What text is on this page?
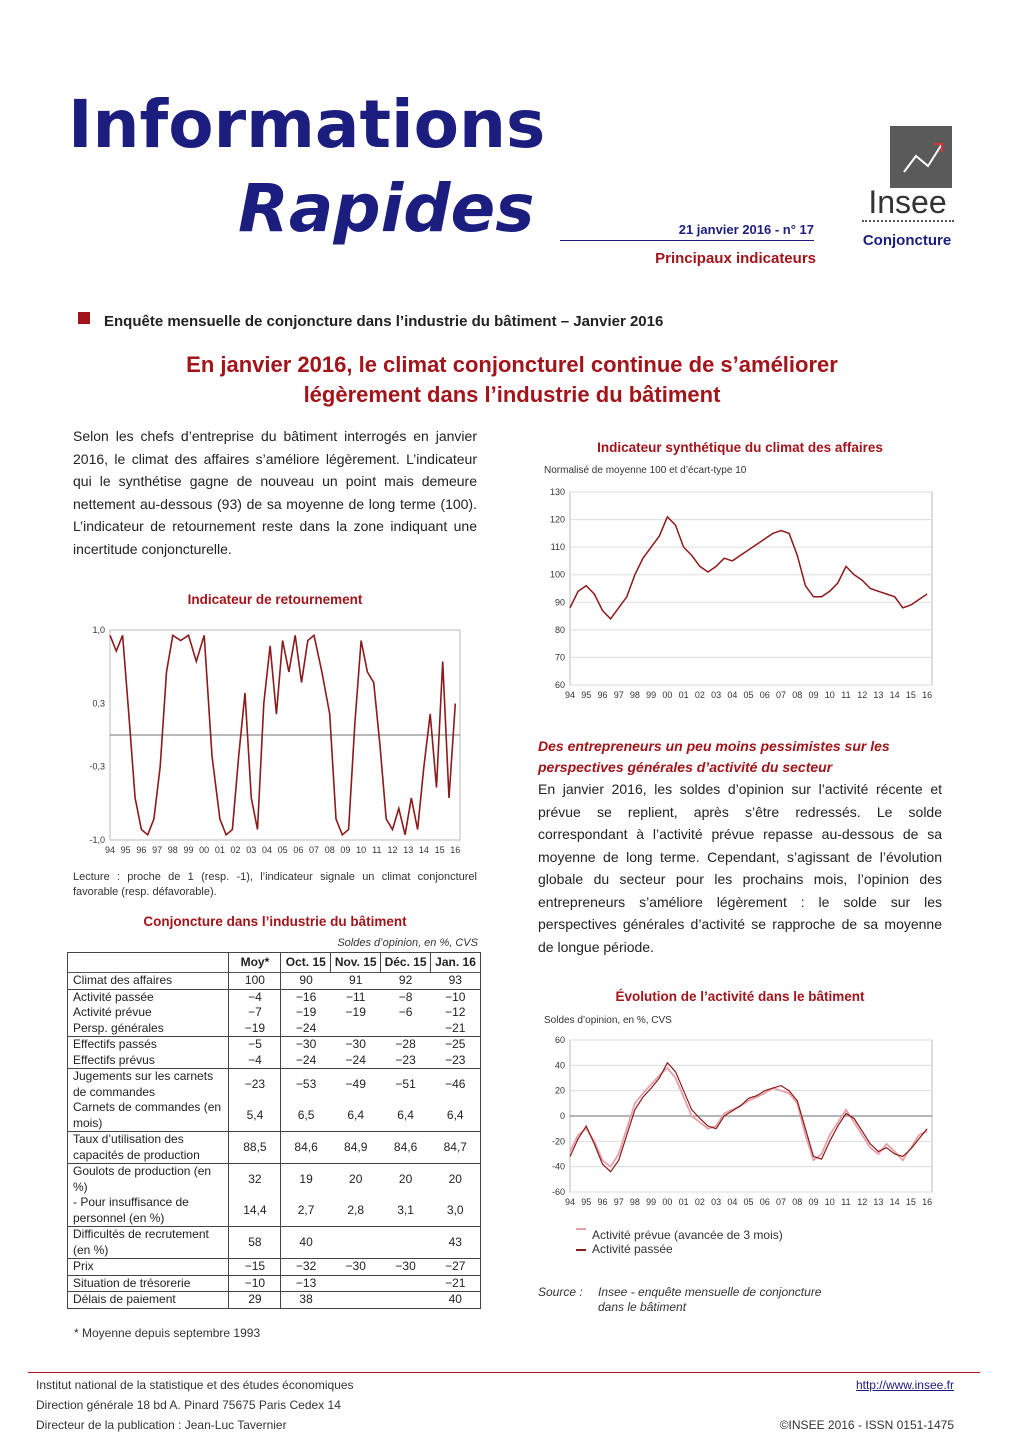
Informations
Rapides	21 janvier 2016 - n° 17
Principaux indicateurs
Insee
Conjoncture
Enquête mensuelle de conjoncture dans l’industrie du bâtiment – Janvier 2016
En janvier 2016, le climat conjoncturel continue de s’améliorer
légèrement dans l’industrie du bâtiment
Selon les chefs d’entreprise du bâtiment interrogés en janvier 2016, le climat des affaires s’améliore légèrement. L’indicateur qui le synthétise gagne de nouveau un point mais demeure nettement au-dessous (93) de sa moyenne de long terme (100). L’indicateur de retournement reste dans la zone indiquant une incertitude conjoncturelle.
Indicateur de retournement
1,0
0,3
-0,3
-1,0
94 95 96 97 98 99 00 01 02 03 04 05 06 07 08 09 10 11 12 13 14 15 16
Lecture : proche de 1 (resp. -1), l’indicateur signale un climat conjoncturel favorable (resp. défavorable).
Conjoncture dans l’industrie du bâtiment
Soldes d’opinion, en %, CVS
	Moy*	Oct. 15	Nov. 15	Déc. 15	Jan. 16
Climat des affaires	100	90	91	92	93
Activité passée	−4	−16	−11	−8	−10
Activité prévue	−7	−19	−19	−6	−12
Persp. générales	−19	−24			−21
Effectifs passés	−5	−30	−30	−28	−25
Effectifs prévus	−4	−24	−24	−23	−23
Jugements sur les carnets de commandes	−23	−53	−49	−51	−46
Carnets de commandes (en mois)	5,4	6,5	6,4	6,4	6,4
Taux d’utilisation des capacités de production	88,5	84,6	84,9	84,6	84,7
Goulots de production (en %)	32	19	20	20	20
- Pour insuffisance de personnel (en %)	14,4	2,7	2,8	3,1	3,0
Difficultés de recrutement (en %)	58	40			43
Prix	−15	−32	−30	−30	−27
Situation de trésorerie	−10	−13			−21
Délais de paiement	29	38			40
* Moyenne depuis septembre 1993
Indicateur synthétique du climat des affaires
Normalisé de moyenne 100 et d’écart-type 10
60
70
80
90
100
110
120
130
94 95 96 97 98 99 00 01 02 03 04 05 06 07 08 09 10 11 12 13 14 15 16
Des entrepreneurs un peu moins pessimistes sur les perspectives générales d’activité du secteur
En janvier 2016, les soldes d’opinion sur l’activité récente et prévue se replient, après s’être redressés. Le solde correspondant à l’activité prévue repasse au-dessous de sa moyenne de long terme. Cependant, s’agissant de l’évolution globale du secteur pour les prochains mois, l’opinion des entrepreneurs s’améliore légèrement : le solde sur les perspectives générales d’activité se rapproche de sa moyenne de longue période.
Évolution de l’activité dans le bâtiment
Soldes d’opinion, en %, CVS
-60
-40
-20
0
20
40
60
94 95 96 97 98 99 00 01 02 03 04 05 06 07 08 09 10 11 12 13 14 15 16
Activité prévue (avancée de 3 mois)
Activité passée
Source : Insee - enquête mensuelle de conjoncture
dans le bâtiment
Institut national de la statistique et des études économiques
Direction générale 18 bd A. Pinard 75675 Paris Cedex 14
Directeur de la publication : Jean-Luc Tavernier
http://www.insee.fr
©INSEE 2016 - ISSN 0151-1475
